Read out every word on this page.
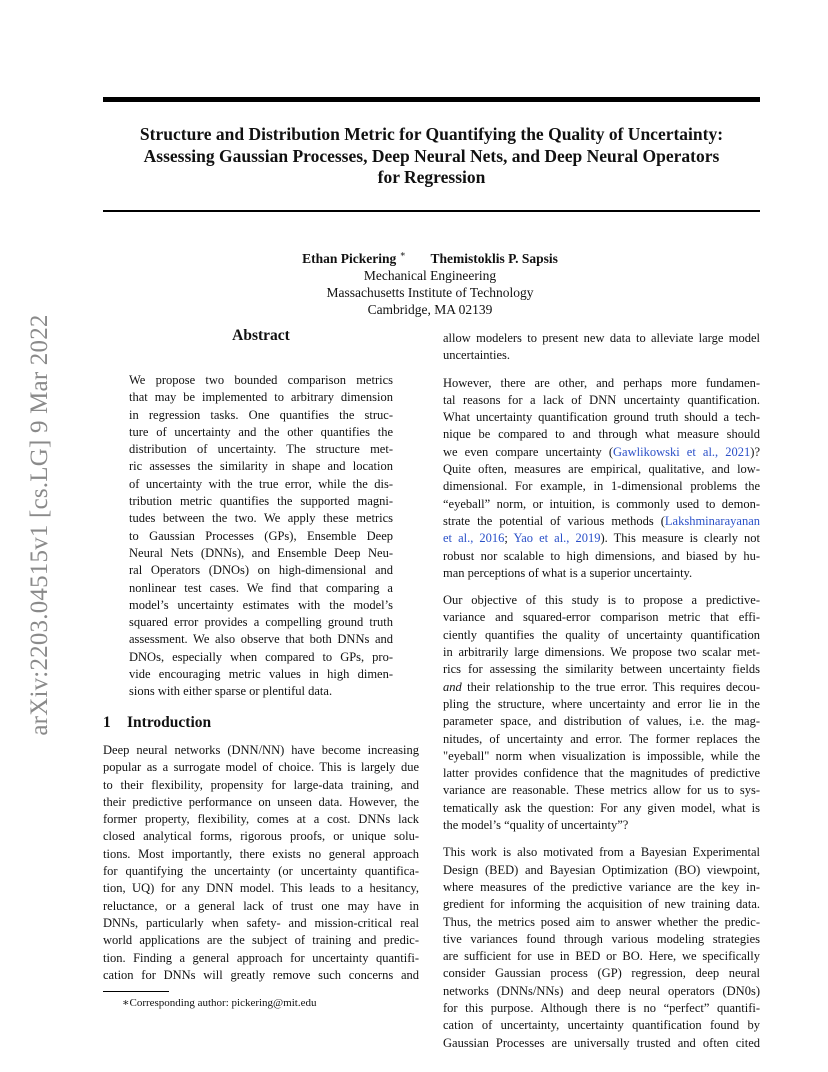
arXiv:2203.04515v1 [cs.LG] 9 Mar 2022
Structure and Distribution Metric for Quantifying the Quality of Uncertainty:
Assessing Gaussian Processes, Deep Neural Nets, and Deep Neural Operators
for Regression
Ethan Pickering ∗ Themistoklis P. Sapsis
Mechanical Engineering
Massachusetts Institute of Technology
Cambridge, MA 02139
Abstract
We propose two bounded comparison metrics
that may be implemented to arbitrary dimension
in regression tasks. One quantifies the struc-
ture of uncertainty and the other quantifies the
distribution of uncertainty. The structure met-
ric assesses the similarity in shape and location
of uncertainty with the true error, while the dis-
tribution metric quantifies the supported magni-
tudes between the two. We apply these metrics
to Gaussian Processes (GPs), Ensemble Deep
Neural Nets (DNNs), and Ensemble Deep Neu-
ral Operators (DNOs) on high-dimensional and
nonlinear test cases. We find that comparing a
model’s uncertainty estimates with the model’s
squared error provides a compelling ground truth
assessment. We also observe that both DNNs and
DNOs, especially when compared to GPs, pro-
vide encouraging metric values in high dimen-
sions with either sparse or plentiful data.
1 Introduction
Deep neural networks (DNN/NN) have become increasing
popular as a surrogate model of choice. This is largely due
to their flexibility, propensity for large-data training, and
their predictive performance on unseen data. However, the
former property, flexibility, comes at a cost. DNNs lack
closed analytical forms, rigorous proofs, or unique solu-
tions. Most importantly, there exists no general approach
for quantifying the uncertainty (or uncertainty quantifica-
tion, UQ) for any DNN model. This leads to a hesitancy,
reluctance, or a general lack of trust one may have in
DNNs, particularly when safety- and mission-critical real
world applications are the subject of training and predic-
tion. Finding a general approach for uncertainty quantifi-
cation for DNNs will greatly remove such concerns and
∗Corresponding author: pickering@mit.edu
allow modelers to present new data to alleviate large model
uncertainties.
However, there are other, and perhaps more fundamen-
tal reasons for a lack of DNN uncertainty quantification.
What uncertainty quantification ground truth should a tech-
nique be compared to and through what measure should
we even compare uncertainty (Gawlikowski et al., 2021)?
Quite often, measures are empirical, qualitative, and low-
dimensional. For example, in 1-dimensional problems the
“eyeball” norm, or intuition, is commonly used to demon-
strate the potential of various methods (Lakshminarayanan
et al., 2016; Yao et al., 2019). This measure is clearly not
robust nor scalable to high dimensions, and biased by hu-
man perceptions of what is a superior uncertainty.
Our objective of this study is to propose a predictive-
variance and squared-error comparison metric that effi-
ciently quantifies the quality of uncertainty quantification
in arbitrarily large dimensions. We propose two scalar met-
rics for assessing the similarity between uncertainty fields
and their relationship to the true error. This requires decou-
pling the structure, where uncertainty and error lie in the
parameter space, and distribution of values, i.e. the mag-
nitudes, of uncertainty and error. The former replaces the
"eyeball" norm when visualization is impossible, while the
latter provides confidence that the magnitudes of predictive
variance are reasonable. These metrics allow for us to sys-
tematically ask the question: For any given model, what is
the model’s “quality of uncertainty”?
This work is also motivated from a Bayesian Experimental
Design (BED) and Bayesian Optimization (BO) viewpoint,
where measures of the predictive variance are the key in-
gredient for informing the acquisition of new training data.
Thus, the metrics posed aim to answer whether the predic-
tive variances found through various modeling strategies
are sufficient for use in BED or BO. Here, we specifically
consider Gaussian process (GP) regression, deep neural
networks (DNNs/NNs) and deep neural operators (DN0s)
for this purpose. Although there is no “perfect” quantifi-
cation of uncertainty, uncertainty quantification found by
Gaussian Processes are universally trusted and often cited
